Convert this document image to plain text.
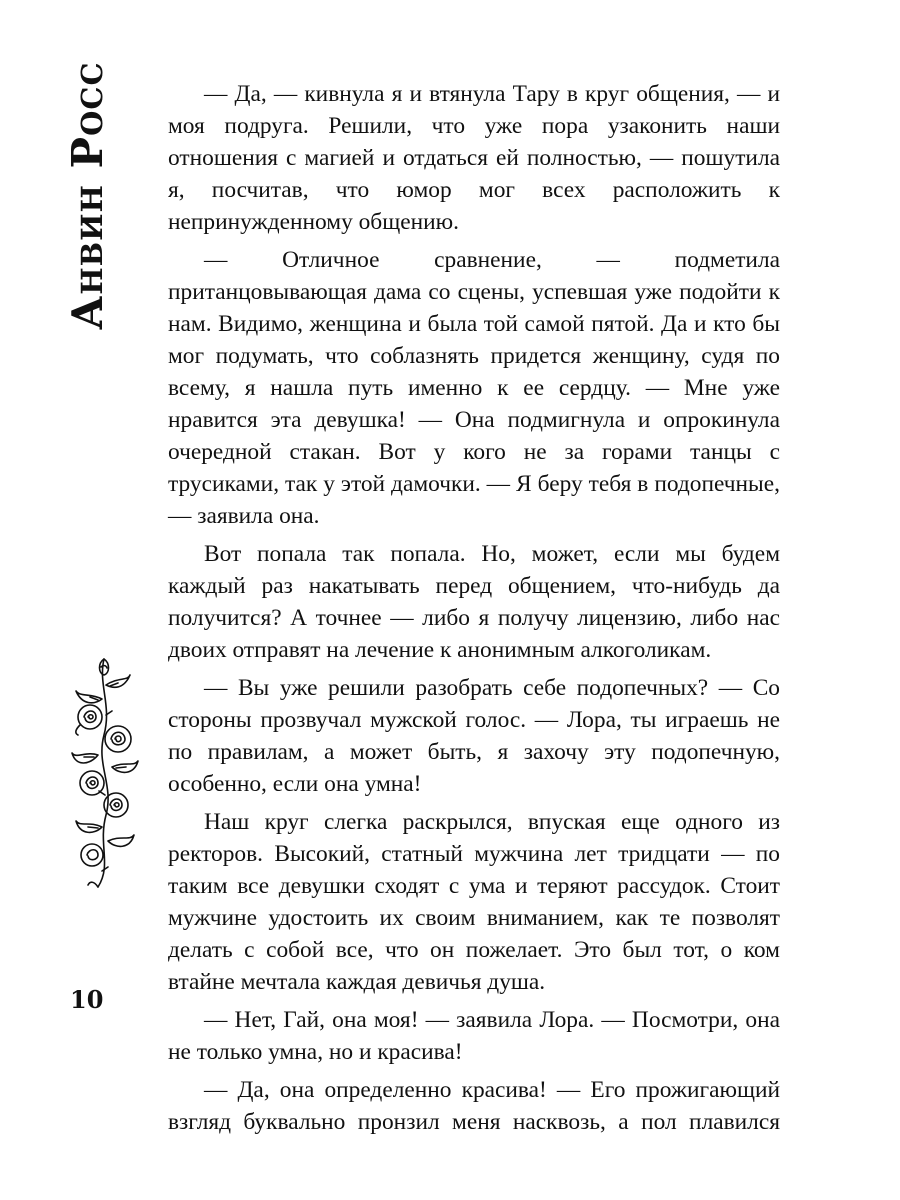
Анвин Росс
10

— Да, — кивнула я и втянула Тару в круг общения, — и моя подруга. Решили, что уже пора узаконить наши отношения с магией и отдаться ей полностью, — пошутила я, посчитав, что юмор мог всех расположить к непринужденному общению.

— Отличное сравнение, — подметила пританцовывающая дама со сцены, успевшая уже подойти к нам. Видимо, женщина и была той самой пятой. Да и кто бы мог подумать, что соблазнять придется женщину, судя по всему, я нашла путь именно к ее сердцу. — Мне уже нравится эта девушка! — Она подмигнула и опрокинула очередной стакан. Вот у кого не за горами танцы с трусиками, так у этой дамочки. — Я беру тебя в подопечные, — заявила она.

Вот попала так попала. Но, может, если мы будем каждый раз накатывать перед общением, что-нибудь да получится? А точнее — либо я получу лицензию, либо нас двоих отправят на лечение к анонимным алкоголикам.

— Вы уже решили разобрать себе подопечных? — Со стороны прозвучал мужской голос. — Лора, ты играешь не по правилам, а может быть, я захочу эту подопечную, особенно, если она умна!

Наш круг слегка раскрылся, впуская еще одного из ректоров. Высокий, статный мужчина лет тридцати — по таким все девушки сходят с ума и теряют рассудок. Стоит мужчине удостоить их своим вниманием, как те позволят делать с собой все, что он пожелает. Это был тот, о ком втайне мечтала каждая девичья душа.

— Нет, Гай, она моя! — заявила Лора. — Посмотри, она не только умна, но и красива!

— Да, она определенно красива! — Его прожигающий взгляд буквально пронзил меня насквозь, а пол плавился
